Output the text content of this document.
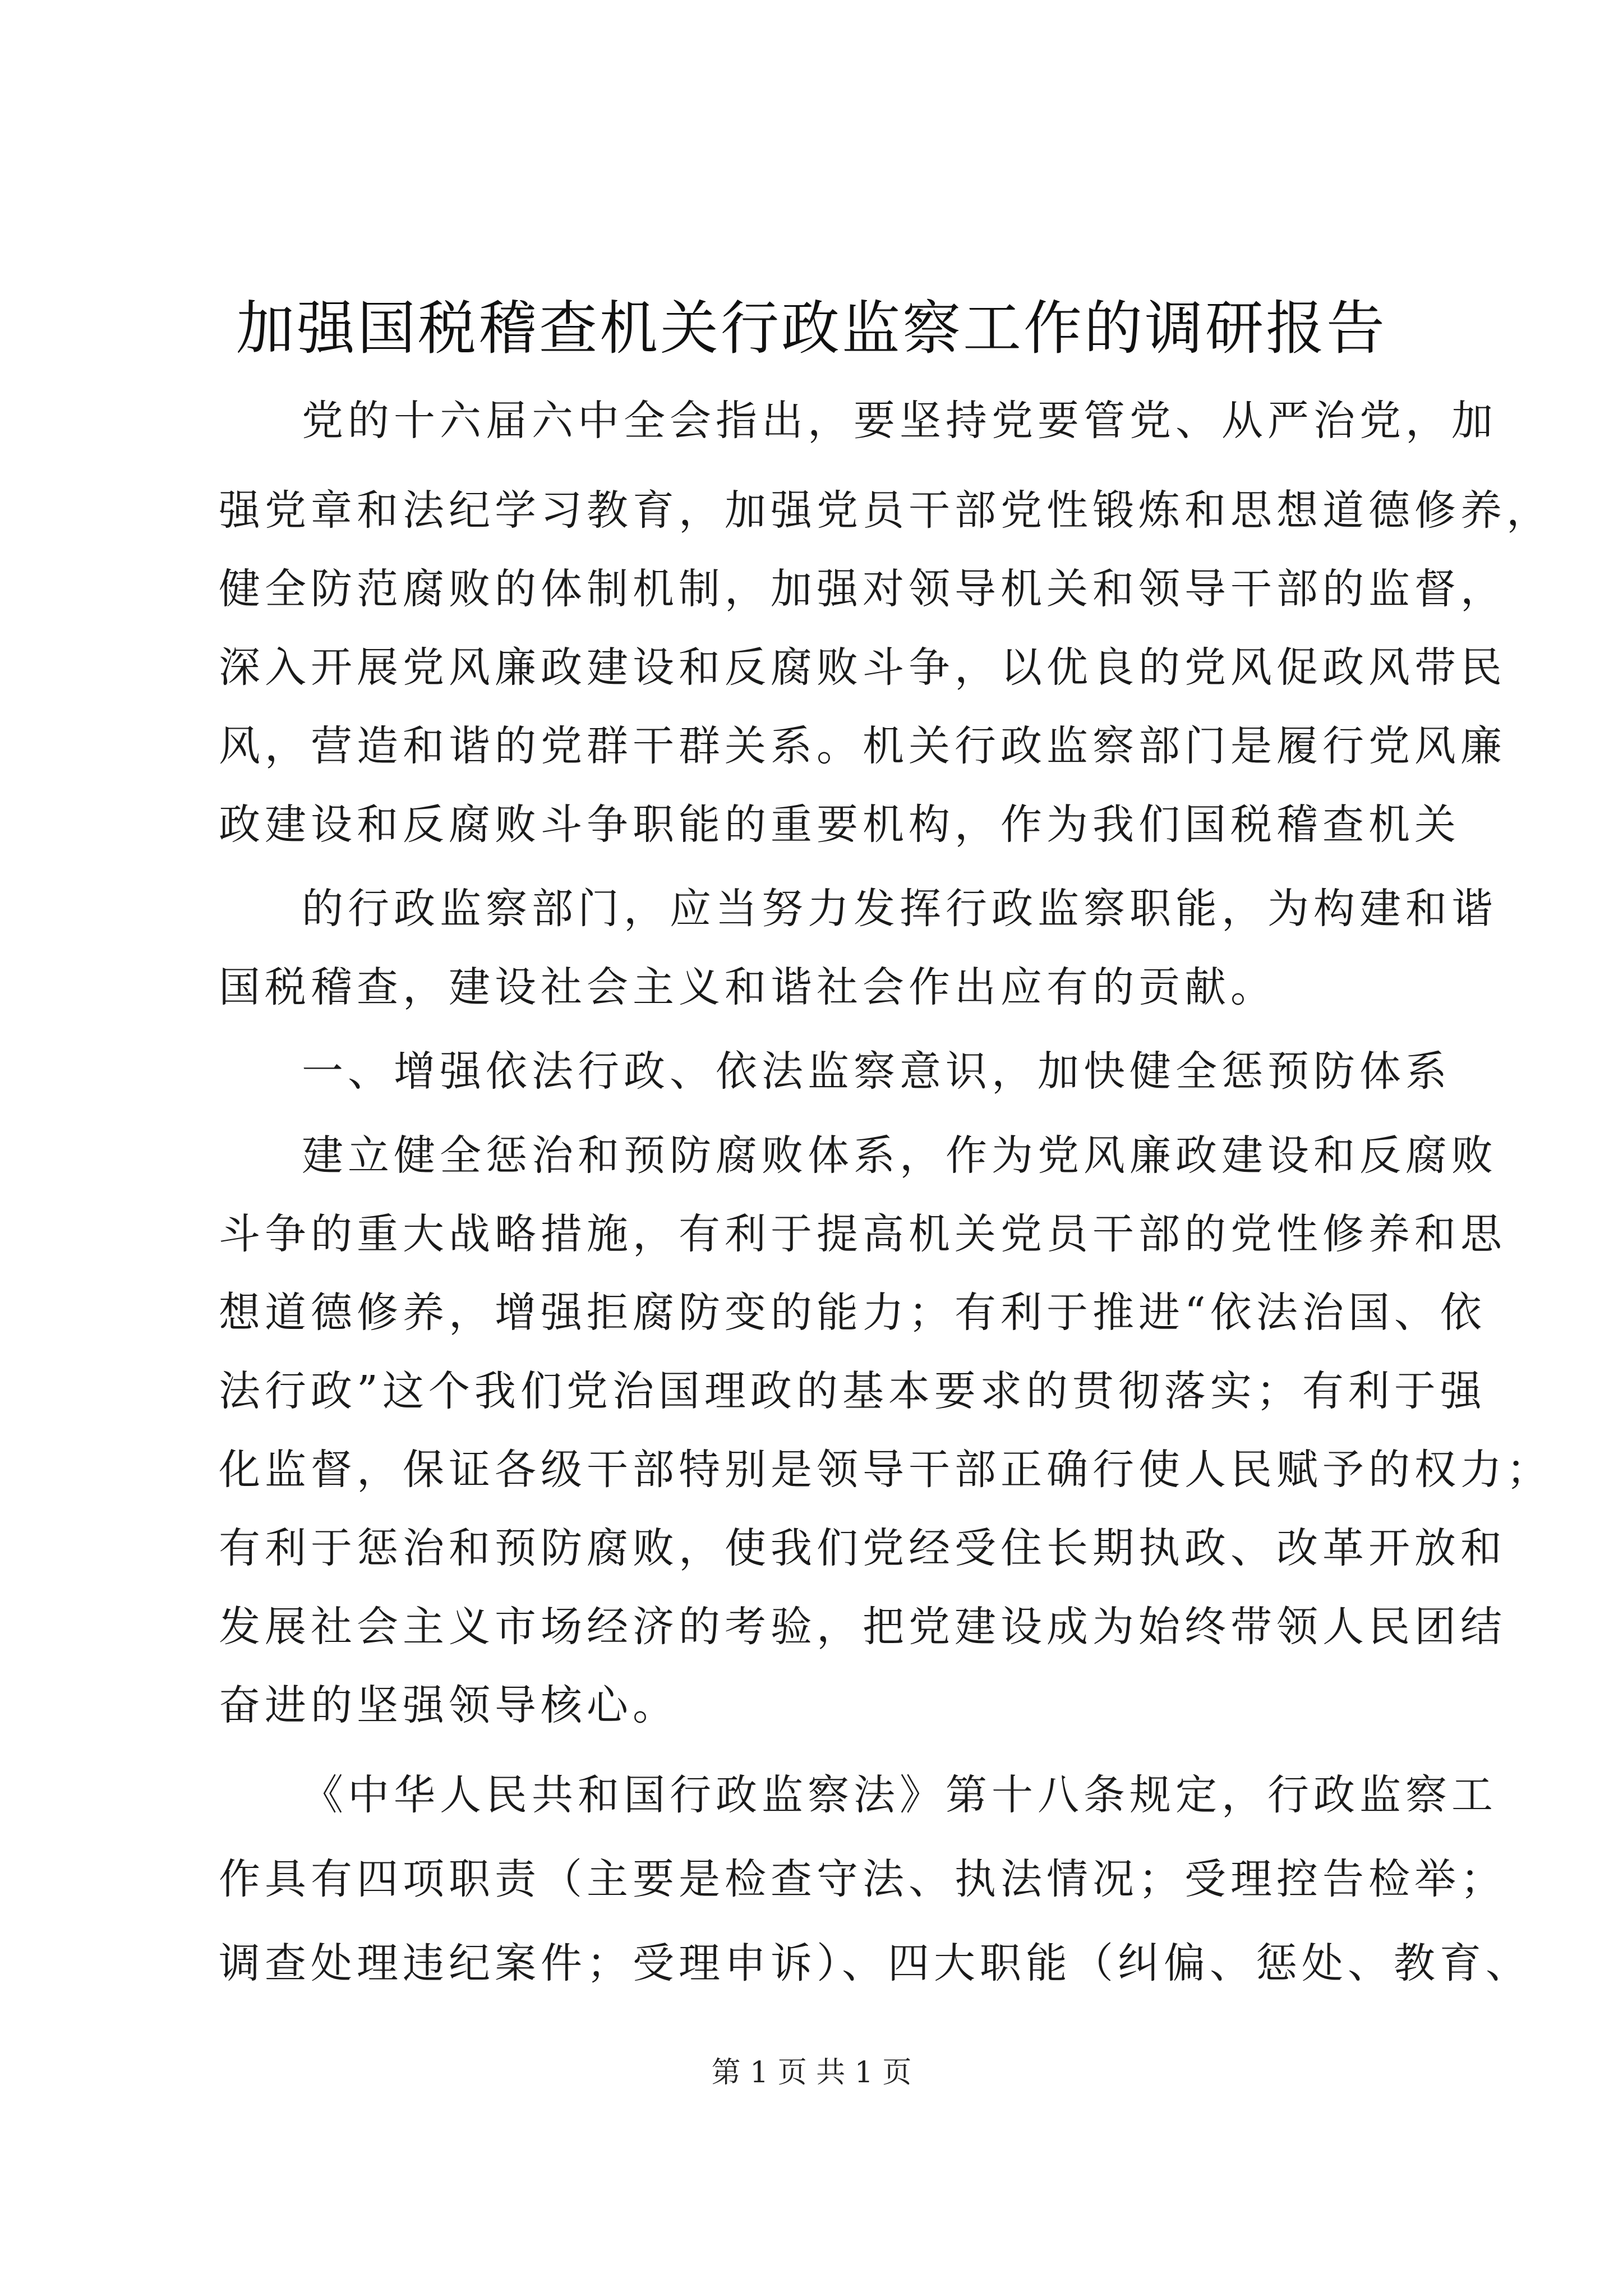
加强国税稽查机关行政监察工作的调研报告

党的十六届六中全会指出，要坚持党要管党、从严治党，加

强党章和法纪学习教育，加强党员干部党性锻炼和思想道德修养，

健全防范腐败的体制机制，加强对领导机关和领导干部的监督，

深入开展党风廉政建设和反腐败斗争，以优良的党风促政风带民

风，营造和谐的党群干群关系。机关行政监察部门是履行党风廉

政建设和反腐败斗争职能的重要机构，作为我们国税稽查机关

的行政监察部门，应当努力发挥行政监察职能，为构建和谐

国税稽查，建设社会主义和谐社会作出应有的贡献。

一、增强依法行政、依法监察意识，加快健全惩预防体系

建立健全惩治和预防腐败体系，作为党风廉政建设和反腐败

斗争的重大战略措施，有利于提高机关党员干部的党性修养和思

想道德修养，增强拒腐防变的能力；有利于推进“依法治国、依

法行政”这个我们党治国理政的基本要求的贯彻落实；有利于强

化监督，保证各级干部特别是领导干部正确行使人民赋予的权力；

有利于惩治和预防腐败，使我们党经受住长期执政、改革开放和

发展社会主义市场经济的考验，把党建设成为始终带领人民团结

奋进的坚强领导核心。

《中华人民共和国行政监察法》第十八条规定，行政监察工

作具有四项职责（主要是检查守法、执法情况；受理控告检举；

调查处理违纪案件；受理申诉）、四大职能（纠偏、惩处、教育、

第 1 页 共 1 页
